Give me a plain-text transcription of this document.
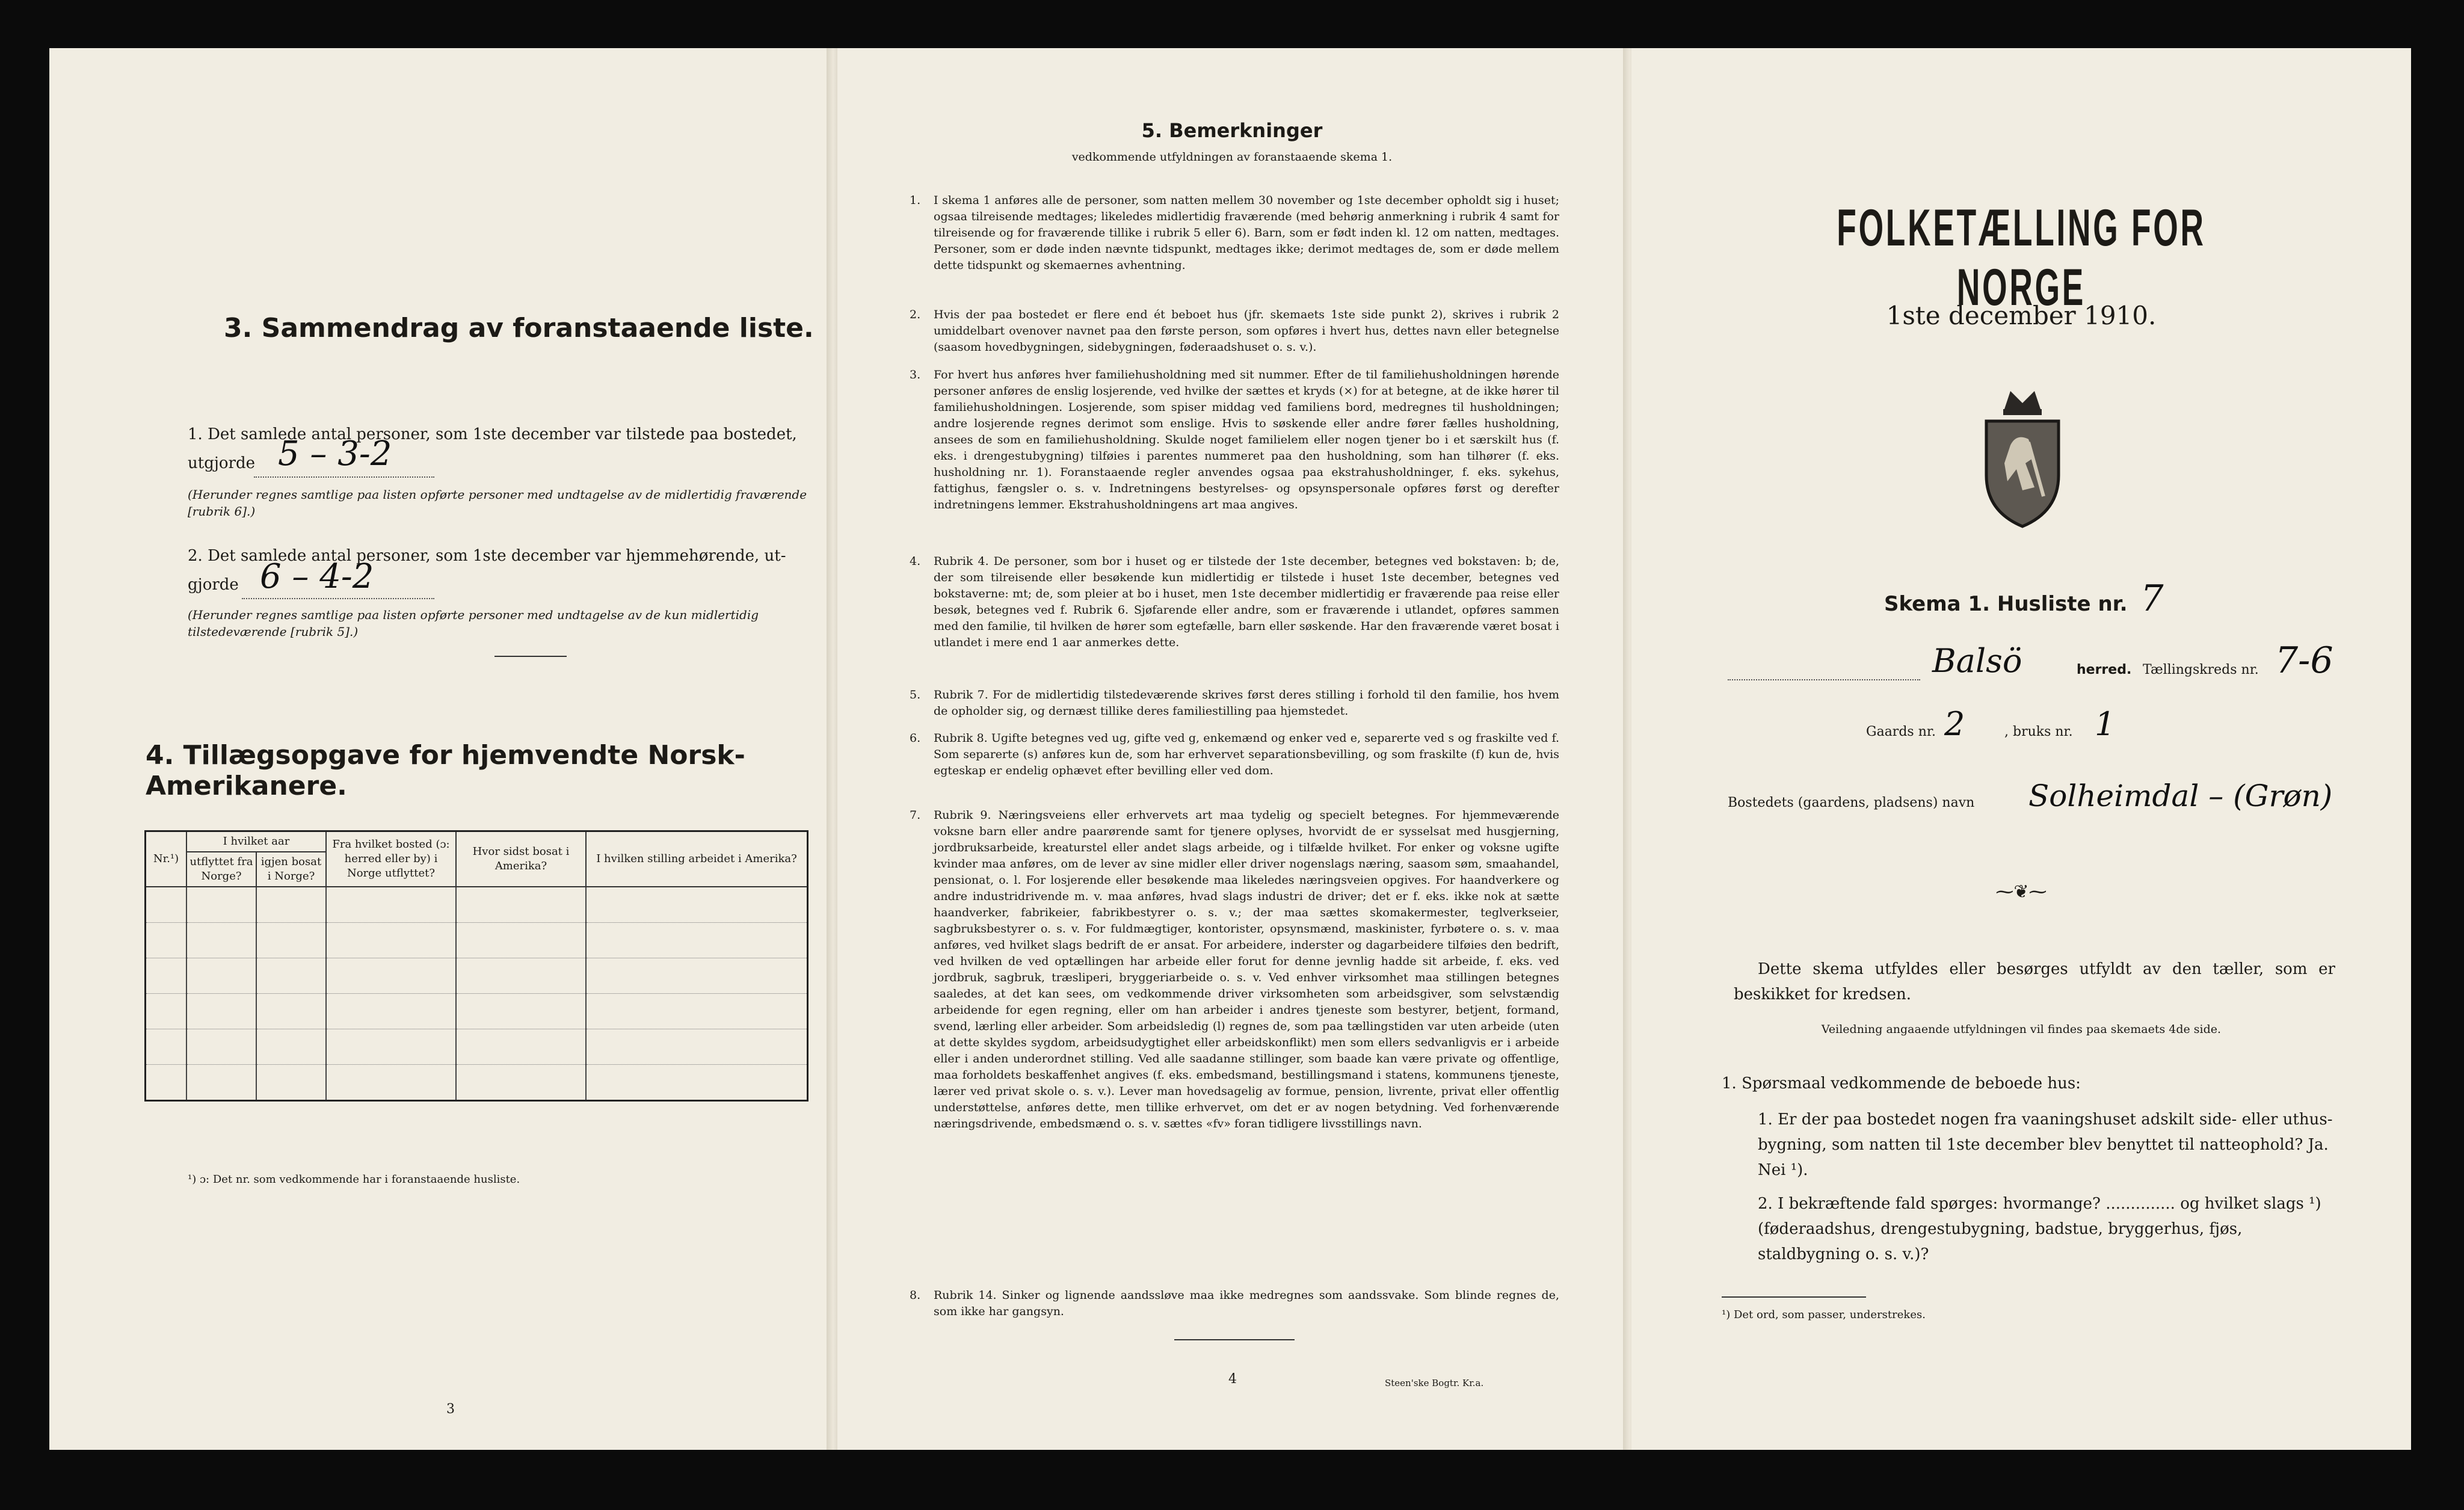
3. Sammendrag av foranstaaende liste.
1. Det samlede antal personer, som 1ste december var tilstede paa bostedet,
utgjorde 5 – 3-2
(Herunder regnes samtlige paa listen opførte personer med undtagelse av de midlertidig fraværende [rubrik 6].)
2. Det samlede antal personer, som 1ste december var hjemmehørende, ut-
gjorde 6 – 4-2
(Herunder regnes samtlige paa listen opførte personer med undtagelse av de kun midlertidig tilstedeværende [rubrik 5].)
4. Tillægsopgave for hjemvendte Norsk-Amerikanere.
Nr.¹)	I hvilket aar		Fra hvilket bosted (ɔ: herred eller by) i Norge utflyttet?	Hvor sidst bosat i Amerika?	I hvilken stilling arbeidet i Amerika?
	utflyttet fra Norge?	igjen bosat i Norge?			

¹) ɔ: Det nr. som vedkommende har i foranstaaende husliste.
3
5. Bemerkninger
vedkommende utfyldningen av foranstaaende skema 1.
1. I skema 1 anføres alle de personer, som natten mellem 30 november og 1ste december opholdt sig i huset; ogsaa tilreisende medtages; likeledes midlertidig fraværende (med behørig anmerkning i rubrik 4 samt for tilreisende og for fraværende tillike i rubrik 5 eller 6). Barn, som er født inden kl. 12 om natten, medtages. Personer, som er døde inden nævnte tidspunkt, medtages ikke; derimot medtages de, som er døde mellem dette tidspunkt og skemaernes avhentning.
2. Hvis der paa bostedet er flere end ét beboet hus (jfr. skemaets 1ste side punkt 2), skrives i rubrik 2 umiddelbart ovenover navnet paa den første person, som opføres i hvert hus, dettes navn eller betegnelse (saasom hovedbygningen, sidebygningen, føderaadshuset o. s. v.).
3. For hvert hus anføres hver familiehusholdning med sit nummer. Efter de til familiehusholdningen hørende personer anføres de enslig losjerende, ved hvilke der sættes et kryds (×) for at betegne, at de ikke hører til familiehusholdningen. Losjerende, som spiser middag ved familiens bord, medregnes til husholdningen; andre losjerende regnes derimot som enslige. Hvis to søskende eller andre fører fælles husholdning, ansees de som en familiehusholdning. Skulde noget familielem eller nogen tjener bo i et særskilt hus (f. eks. i drengestubygning) tilføies i parentes nummeret paa den husholdning, som han tilhører (f. eks. husholdning nr. 1). Foranstaaende regler anvendes ogsaa paa ekstrahusholdninger, f. eks. sykehus, fattighus, fængsler o. s. v. Indretningens bestyrelses- og opsynspersonale opføres først og derefter indretningens lemmer. Ekstrahusholdningens art maa angives.
4. Rubrik 4. De personer, som bor i huset og er tilstede der 1ste december, betegnes ved bokstaven: b; de, der som tilreisende eller besøkende kun midlertidig er tilstede i huset 1ste december, betegnes ved bokstaverne: mt; de, som pleier at bo i huset, men 1ste december midlertidig er fraværende paa reise eller besøk, betegnes ved f. Rubrik 6. Sjøfarende eller andre, som er fraværende i utlandet, opføres sammen med den familie, til hvilken de hører som egtefælle, barn eller søskende. Har den fraværende været bosat i utlandet i mere end 1 aar anmerkes dette.
5. Rubrik 7. For de midlertidig tilstedeværende skrives først deres stilling i forhold til den familie, hos hvem de opholder sig, og dernæst tillike deres familiestilling paa hjemstedet.
6. Rubrik 8. Ugifte betegnes ved ug, gifte ved g, enkemænd og enker ved e, separerte ved s og fraskilte ved f. Som separerte (s) anføres kun de, som har erhvervet separationsbevilling, og som fraskilte (f) kun de, hvis egteskap er endelig ophævet efter bevilling eller ved dom.
7. Rubrik 9. Næringsveiens eller erhvervets art maa tydelig og specielt betegnes. For hjemmeværende voksne barn eller andre paarørende samt for tjenere oplyses, hvorvidt de er sysselsat med husgjerning, jordbruksarbeide, kreaturstel eller andet slags arbeide, og i tilfælde hvilket. For enker og voksne ugifte kvinder maa anføres, om de lever av sine midler eller driver nogenslags næring, saasom søm, smaahandel, pensionat, o. l. For losjerende eller besøkende maa likeledes næringsveien opgives. For haandverkere og andre industridrivende m. v. maa anføres, hvad slags industri de driver; det er f. eks. ikke nok at sætte haandverker, fabrikeier, fabrikbestyrer o. s. v.; der maa sættes skomakermester, teglverkseier, sagbruksbestyrer o. s. v. For fuldmægtiger, kontorister, opsynsmænd, maskinister, fyrbøtere o. s. v. maa anføres, ved hvilket slags bedrift de er ansat. For arbeidere, inderster og dagarbeidere tilføies den bedrift, ved hvilken de ved optællingen har arbeide eller forut for denne jevnlig hadde sit arbeide, f. eks. ved jordbruk, sagbruk, træsliperi, bryggeriarbeide o. s. v. Ved enhver virksomhet maa stillingen betegnes saaledes, at det kan sees, om vedkommende driver virksomheten som arbeidsgiver, som selvstændig arbeidende for egen regning, eller om han arbeider i andres tjeneste som bestyrer, betjent, formand, svend, lærling eller arbeider. Som arbeidsledig (l) regnes de, som paa tællingstiden var uten arbeide (uten at dette skyldes sygdom, arbeidsudygtighet eller arbeidskonflikt) men som ellers sedvanligvis er i arbeide eller i anden underordnet stilling. Ved alle saadanne stillinger, som baade kan være private og offentlige, maa forholdets beskaffenhet angives (f. eks. embedsmand, bestillingsmand i statens, kommunens tjeneste, lærer ved privat skole o. s. v.). Lever man hovedsagelig av formue, pension, livrente, privat eller offentlig understøttelse, anføres dette, men tillike erhvervet, om det er av nogen betydning. Ved forhenværende næringsdrivende, embedsmænd o. s. v. sættes «fv» foran tidligere livsstillings navn.
8. Rubrik 14. Sinker og lignende aandssløve maa ikke medregnes som aandssvake. Som blinde regnes de, som ikke har gangsyn.
4	Steen'ske Bogtr. Kr.a.
FOLKETÆLLING FOR NORGE
1ste december 1910.
Skema 1. Husliste nr. 7
Balsö	herred. Tællingskreds nr. 7-6
Gaards nr. 2	, bruks nr. 1
Bostedets (gaardens, pladsens) navn Solheimdal – (Grøn)
⁓❦⁓
Dette skema utfyldes eller besørges utfyldt av den tæller, som er beskikket for kredsen.
Veiledning angaaende utfyldningen vil findes paa skemaets 4de side.
1. Spørsmaal vedkommende de beboede hus:
1. Er der paa bostedet nogen fra vaaningshuset adskilt side- eller uthus-bygning, som natten til 1ste december blev benyttet til natteophold? Ja. Nei ¹).
2. I bekræftende fald spørges: hvormange? .............. og hvilket slags ¹) (føderaadshus, drengestubygning, badstue, bryggerhus, fjøs, staldbygning o. s. v.)?
¹) Det ord, som passer, understrekes.
